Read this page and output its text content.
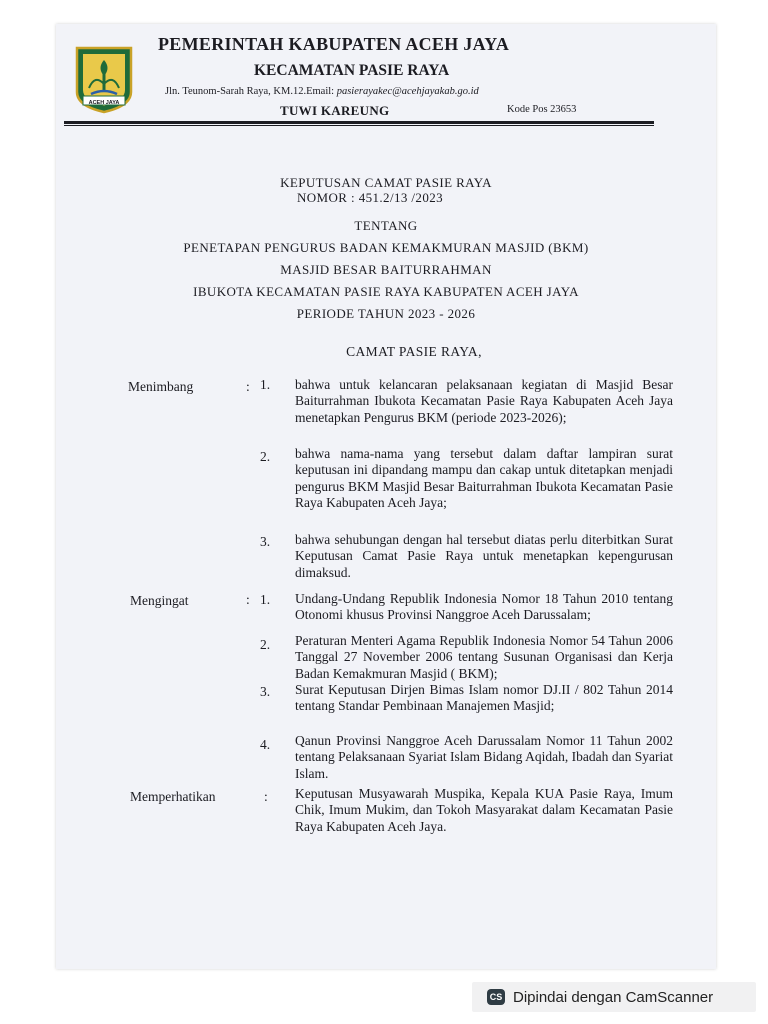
ACEH JAYA
PEMERINTAH KABUPATEN ACEH JAYA
KECAMATAN PASIE RAYA
Jln. Teunom-Sarah Raya, KM.12.Email: pasierayakec@acehjayakab.go.id
TUWI KAREUNG	Kode Pos 23653
KEPUTUSAN CAMAT PASIE RAYA
NOMOR : 451.2/13 /2023
TENTANG
PENETAPAN PENGURUS BADAN KEMAKMURAN MASJID (BKM)
MASJID BESAR BAITURRAHMAN
IBUKOTA KECAMATAN PASIE RAYA KABUPATEN ACEH JAYA
PERIODE TAHUN 2023 - 2026
CAMAT PASIE RAYA,
Menimbang	: 1. bahwa untuk kelancaran pelaksanaan kegiatan di Masjid Besar Baiturrahman Ibukota Kecamatan Pasie Raya Kabupaten Aceh Jaya menetapkan Pengurus BKM (periode 2023-2026);
2. bahwa nama-nama yang tersebut dalam daftar lampiran surat keputusan ini dipandang mampu dan cakap untuk ditetapkan menjadi pengurus BKM Masjid Besar Baiturrahman Ibukota Kecamatan Pasie Raya Kabupaten Aceh Jaya;
3. bahwa sehubungan dengan hal tersebut diatas perlu diterbitkan Surat Keputusan Camat Pasie Raya untuk menetapkan kepengurusan dimaksud.
Mengingat	: 1. Undang-Undang Republik Indonesia Nomor 18 Tahun 2010 tentang Otonomi khusus Provinsi Nanggroe Aceh Darussalam;
2. Peraturan Menteri Agama Republik Indonesia Nomor 54 Tahun 2006 Tanggal 27 November 2006 tentang Susunan Organisasi dan Kerja Badan Kemakmuran Masjid ( BKM);
3. Surat Keputusan Dirjen Bimas Islam nomor DJ.II / 802 Tahun 2014 tentang Standar Pembinaan Manajemen Masjid;
4. Qanun Provinsi Nanggroe Aceh Darussalam Nomor 11 Tahun 2002 tentang Pelaksanaan Syariat Islam Bidang Aqidah, Ibadah dan Syariat Islam.
Memperhatikan	: Keputusan Musyawarah Muspika, Kepala KUA Pasie Raya, Imum Chik, Imum Mukim, dan Tokoh Masyarakat dalam Kecamatan Pasie Raya Kabupaten Aceh Jaya.
CS Dipindai dengan CamScanner
